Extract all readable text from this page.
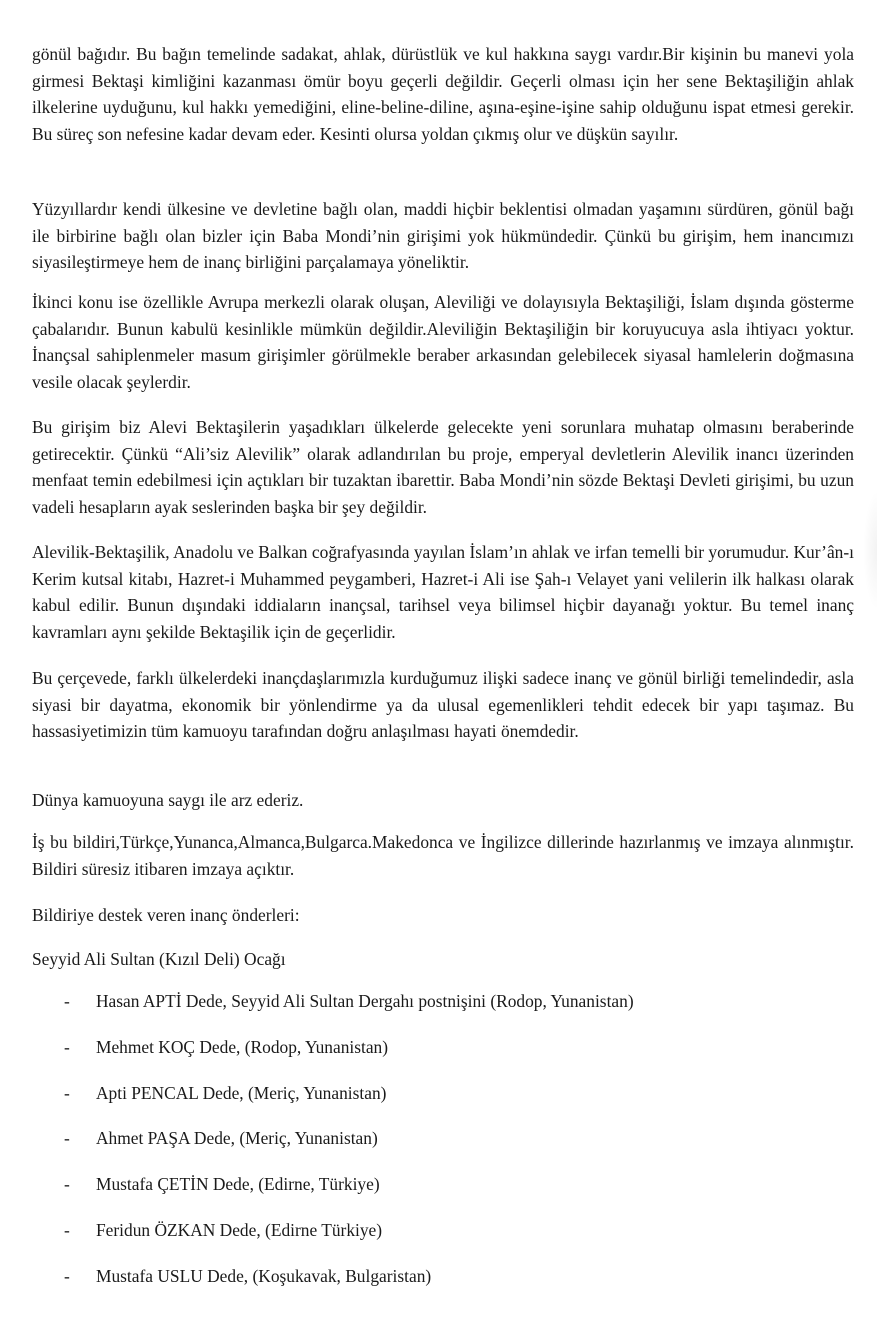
gönül bağıdır. Bu bağın temelinde sadakat, ahlak, dürüstlük ve kul hakkına saygı vardır.Bir kişinin bu manevi yola girmesi Bektaşi kimliğini kazanması ömür boyu geçerli değildir. Geçerli olması için her sene Bektaşiliğin ahlak ilkelerine uyduğunu, kul hakkı yemediğini, eline-beline-diline, aşına-eşine-işine sahip olduğunu ispat etmesi gerekir. Bu süreç son nefesine kadar devam eder. Kesinti olursa yoldan çıkmış olur ve düşkün sayılır.

Yüzyıllardır kendi ülkesine ve devletine bağlı olan, maddi hiçbir beklentisi olmadan yaşamını sürdüren, gönül bağı ile birbirine bağlı olan bizler için Baba Mondi’nin girişimi yok hükmündedir. Çünkü bu girişim, hem inancımızı siyasileştirmeye hem de inanç birliğini parçalamaya yöneliktir.

İkinci konu ise özellikle Avrupa merkezli olarak oluşan, Aleviliği ve dolayısıyla Bektaşiliği, İslam dışında gösterme çabalarıdır. Bunun kabulü kesinlikle mümkün değildir.Aleviliğin Bektaşiliğin bir koruyucuya asla ihtiyacı yoktur. İnançsal sahiplenmeler masum girişimler görülmekle beraber arkasından gelebilecek siyasal hamlelerin doğmasına vesile olacak şeylerdir.

Bu girişim biz Alevi Bektaşilerin yaşadıkları ülkelerde gelecekte yeni sorunlara muhatap olmasını beraberinde getirecektir. Çünkü “Ali’siz Alevilik” olarak adlandırılan bu proje, emperyal devletlerin Alevilik inancı üzerinden menfaat temin edebilmesi için açtıkları bir tuzaktan ibarettir. Baba Mondi’nin sözde Bektaşi Devleti girişimi, bu uzun vadeli hesapların ayak seslerinden başka bir şey değildir.

Alevilik-Bektaşilik, Anadolu ve Balkan coğrafyasında yayılan İslam’ın ahlak ve irfan temelli bir yorumudur. Kur’ân-ı Kerim kutsal kitabı, Hazret-i Muhammed peygamberi, Hazret-i Ali ise Şah-ı Velayet yani velilerin ilk halkası olarak kabul edilir. Bunun dışındaki iddiaların inançsal, tarihsel veya bilimsel hiçbir dayanağı yoktur. Bu temel inanç kavramları aynı şekilde Bektaşilik için de geçerlidir.

Bu çerçevede, farklı ülkelerdeki inançdaşlarımızla kurduğumuz ilişki sadece inanç ve gönül birliği temelindedir, asla siyasi bir dayatma, ekonomik bir yönlendirme ya da ulusal egemenlikleri tehdit edecek bir yapı taşımaz. Bu hassasiyetimizin tüm kamuoyu tarafından doğru anlaşılması hayati önemdedir.

Dünya kamuoyuna saygı ile arz ederiz.

İş bu bildiri,Türkçe,Yunanca,Almanca,Bulgarca.Makedonca ve İngilizce dillerinde hazırlanmış ve imzaya alınmıştır. Bildiri süresiz itibaren imzaya açıktır.

Bildiriye destek veren inanç önderleri:

Seyyid Ali Sultan (Kızıl Deli) Ocağı

- Hasan APTİ Dede, Seyyid Ali Sultan Dergahı postnişini (Rodop, Yunanistan)
- Mehmet KOÇ Dede, (Rodop, Yunanistan)
- Apti PENCAL Dede, (Meriç, Yunanistan)
- Ahmet PAŞA Dede, (Meriç, Yunanistan)
- Mustafa ÇETİN Dede, (Edirne, Türkiye)
- Feridun ÖZKAN Dede, (Edirne Türkiye)
- Mustafa USLU Dede, (Koşukavak, Bulgaristan)
